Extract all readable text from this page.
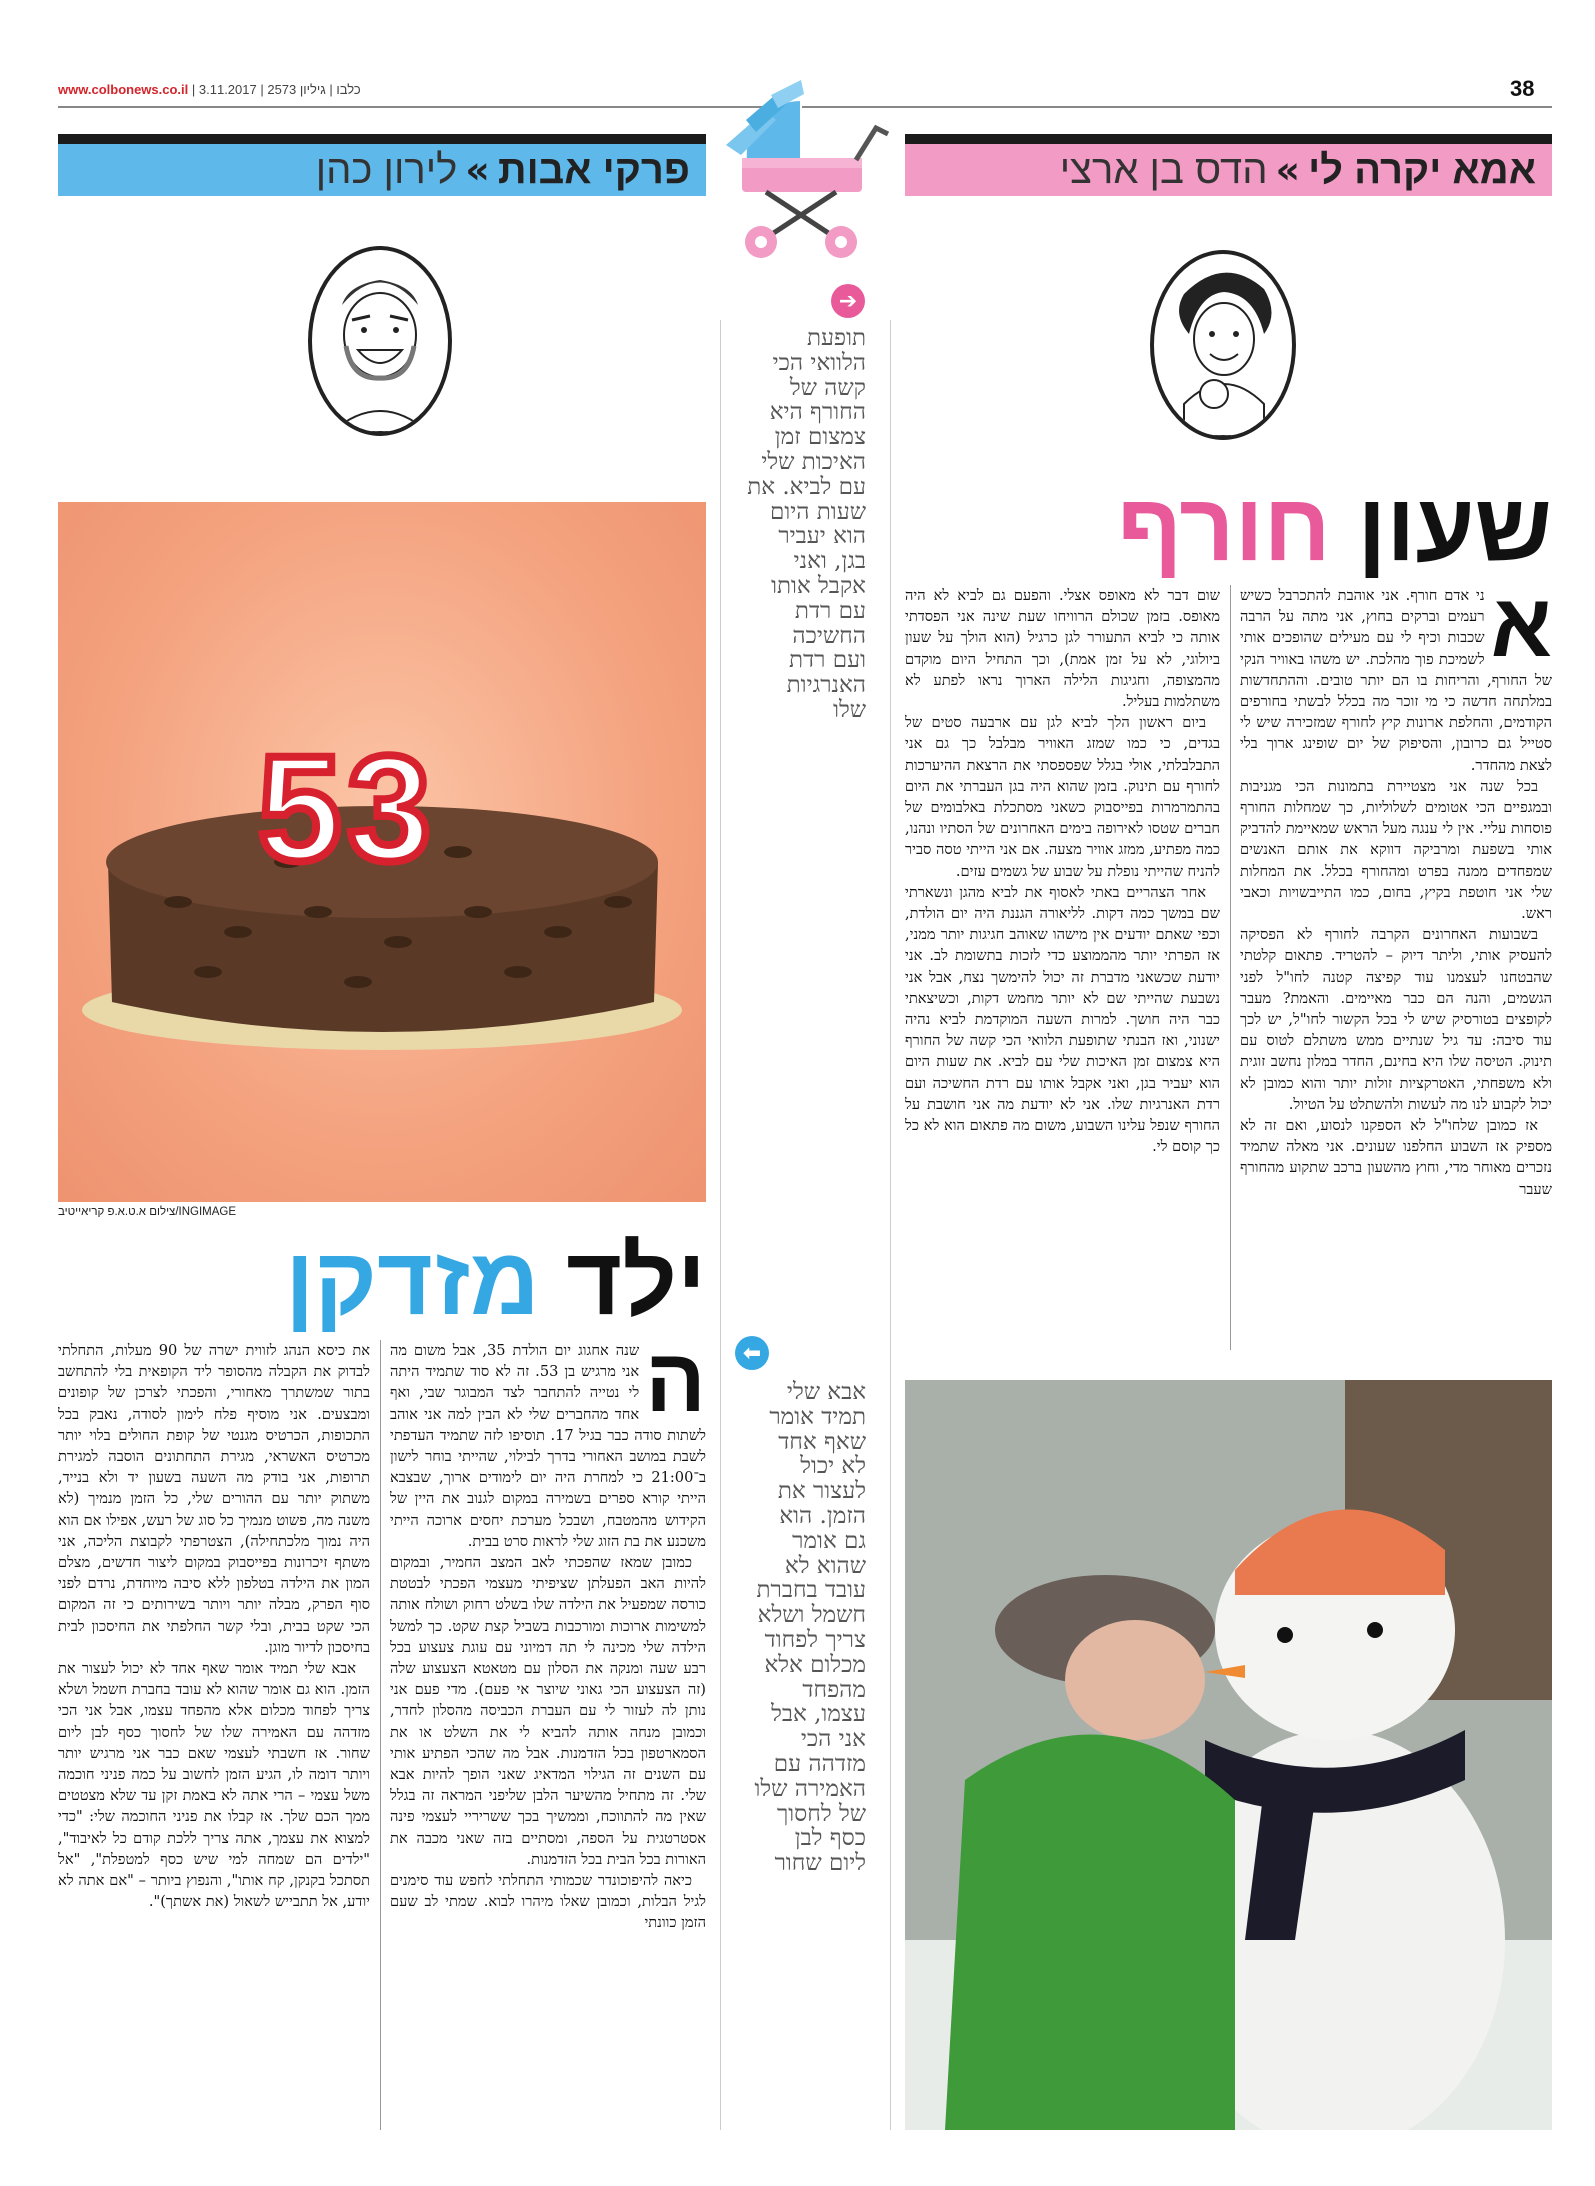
www.colbonews.co.il | כלבו | גיליון 2573 | 3.11.2017	38
אמא יקרה לי
»
הדס בן ארצי
פרקי אבות
»
לירון כהן
שעון חורף
א

ני אדם חורף. אני אוהבת להתכרבל כשיש רעמים וברקים בחוץ, אני מתה על הרבה שכבות וכיף לי עם מעילים שהופכים אותי לשמיכת פוך מהלכת. יש משהו באוויר הנקי של החורף, והריחות בו הם יותר טובים. וההתחדשות במלתחה חדשה כי מי זוכר מה בכלל לבשתי בחורפים הקודמים, והחלפת ארונות קיץ לחורף שמזכירה שיש לי סטייל גם כרובון, והסיפוק של יום שופינג ארוך בלי לצאת מהחדר.

בכל שנה אני מצטיירת בתמונות הכי מגניבות ובמגפיים הכי אטומים לשלוליות, כך שמחלות החורף פוסחות עליי. אין לי ענגה מעל הראש שמאיימת להדביק אותי בשפעת ומרביקה דווקא את אותם האנשים שמפחדים ממנה בפרט ומהחורף בכלל. את המחלות שלי אני חוטפת בקיץ, בחום, כמו התייבשויות וכאבי ראש.

בשבועות האחרונים הקרבה לחורף לא הפסיקה להעסיק אותי, וליתר דיוק – להטריד. פתאום קלטתי שהבטחנו לעצמנו עוד קפיצה קטנה לחו"ל לפני הגשמים, והנה הם כבר מאיימים. והאמת? מעבר לקופצים בטורסיק שיש לי בכל הקשור לחו"ל, יש לכך עוד סיבה: עד גיל שנתיים ממש משתלם לטוס עם תינוק. הטיסה שלו היא בחינם, החדר במלון נחשב זוגית ולא משפחתי, האטרקציות זולות יותר והוא כמובן לא יכול לקבוע לנו מה לעשות ולהשתלט על הטיול.

אז כמובן שלחו"ל לא הספקנו לנסוע, ואם זה לא מספיק אז השבוע החלפנו שעונים. אני מאלה שתמיד נזכרים מאוחר מדי, וחוץ מהשעון ברכב שתקוע מהחורף שעבר

שום דבר לא מאופס אצלי. והפעם גם לביא לא היה מאופס. בזמן שכולם הרוויחו שעת שינה אני הפסדתי אותה כי לביא התעורר לגן כרגיל (הוא הולך על שעון ביולוגי, לא על זמן אמת), וכך התחיל היום מוקדם מהמצופה, וחגיגות הלילה הארוך נראו לפתע לא משתלמות בעליל.

ביום ראשון הלך לביא לגן עם ארבעה סטים של בגדים, כי כמו שמזג האוויר מבלבל כך גם אני התבלבלתי, אולי בגלל שפספסתי את הרצאת ההיערכות לחורף עם תינוק. בזמן שהוא היה בגן העברתי את היום בהתמרמרות בפייסבוק כשאני מסתכלת באלבומים של חברים שטסו לאירופה בימים האחרונים של הסתיו ונהנו, כמה מפתיע, ממזג אוויר מצעה. אם אני הייתי טסה סביר להניח שהייתי נופלת על שבוע של גשמים עזים.

אחר הצהריים באתי לאסוף את לביא מהגן ונשארתי שם במשך כמה דקות. לליאורה הגננת היה יום הולדת, וכפי שאתם יודעים אין מישהו שאוהב חגיגות יותר ממני, אז הפרתי יותר מהממוצע כדי לזכות בתשומת לב. אני יודעת שכשאני מדברת זה יכול להימשך נצח, אבל אני נשבעת שהייתי שם לא יותר מחמש דקות, וכשיצאתי כבר היה חושך. למרות השעה המוקדמת לביא נהיה ישנוני, ואז הבנתי שתופעת הלוואי הכי קשה של החורף היא צמצום זמן האיכות שלי עם לביא. את שעות היום הוא יעביר בגן, ואני אקבל אותו עם רדת החשיכה ועם רדת האנרגיות שלו. אני לא יודעת מה אני חושבת על החורף שנפל עלינו השבוע, משום מה פתאום הוא לא כל כך קוסם לי.

➔
תופעת
הלוואי הכי
קשה של
החורף היא
צמצום זמן
האיכות שלי
עם לביא. את
שעות היום
הוא יעביר
בגן, ואני
אקבל אותו
עם רדת
החשיכה
ועם רדת
האנרגיות
שלו
⬅
אבא שלי
תמיד אומר
שאף אחד
לא יכול
לעצור את
הזמן. הוא
גם אומר
שהוא לא
עובד בחברת
חשמל ושלא
צריך לפחוד
מכלום אלא
מהפחד
עצמו, אבל
אני הכי
מזדהה עם
האמירה שלו
של לחסוך
כסף לבן
ליום שחור
53
צילום א.ט.א.פ קריאייטיב/INGIMAGE
ילד מזדקן
ה

שנה אחגוג יום הולדת 35, אבל משום מה אני מרגיש בן 53. זה לא סוד שתמיד היתה לי נטייה להתחבר לצד המבוגר שבי, ואף אחד מהחברים שלי לא הבין למה אני אוהב לשתות סודה כבר בגיל 17. תוסיפו לזה שתמיד העדפתי לשבת במושב האחורי בדרך לבילוי, שהייתי בוחר לישון ב־21:00 כי למחרת היה יום לימודים ארוך, שבצבא הייתי קורא ספרים בשמירה במקום לגנוב את היין של הקידוש מהמטבח, ושבכל מערכת יחסים ארוכה הייתי משכנע את בת הזוג שלי לראות סרט בבית.

כמובן שמאז שהפכתי לאב המצב החמיר, ובמקום להיות האב הפעלתן שציפיתי מעצמי הפכתי לבטטת כורסה שמפעיל את הילדה שלו בשלט רחוק ושולח אותה למשימות ארוכות ומורכבות בשביל קצת שקט. כך למשל הילדה שלי מכינה לי תה דמיוני עם עוגת צעצוע בכל רבע שעה ומנקה את הסלון עם מטאטא הצעצוע שלה (זה הצעצוע הכי גאוני שיוצר אי פעם). מדי פעם אני נותן לה לעזור לי עם העברת הכביסה מהסלון לחדר, וכמובן מנחה אותה להביא לי את השלט או את הסמארטפון בכל הזדמנות. אבל מה שהכי הפתיע אותי עם השנים זה הגילוי המדאיג שאני הופך להיות אבא שלי. זה מתחיל מהשיער הלבן שליפני המראה זה בגלל שאין מה להתווכח, וממשיך בכך ששריריי לעצמי פינה אסטרטגית על הספה, ומסתיים בזה שאני מכבה את האורות בכל הבית בכל הזדמנות.

כיאה להיפוכונדר שכמותי התחלתי לחפש עוד סימנים לגיל הבלות, וכמובן שאלו מיהרו לבוא. שמתי לב שעם הזמן כוונתי

את כיסא הנהג לזווית ישרה של 90 מעלות, התחלתי לבדוק את הקבלה מהסופר ליד הקופאית בלי להתחשב בתור שמשתרך מאחורי, והפכתי לצרכן של קופונים ומבצעים. אני מוסיף פלח לימון לסודה, נאבק בכל התכופות, הכרטיס מגנטי של קופת החולים בלוי יותר מכרטיס האשראי, מגירת התחתונים הוסבה למגירת תרופות, אני בודק מה השעה בשעון יד ולא בנייד, משתוק יותר עם ההורים שלי, כל הזמן מנמיך (לא משנה מה, פשוט מנמיך כל סוג של רעש, אפילו אם הוא היה נמוך מלכתחילה), הצטרפתי לקבוצת הליכה, אני משתף זיכרונות בפייסבוק במקום ליצור חדשים, מצלם המון את הילדה בטלפון ללא סיבה מיוחדת, נרדם לפני סוף הפרק, מבלה יותר ויותר בשירותים כי זה המקום הכי שקט בבית, ובלי קשר החלפתי את החיסכון לבית בחיסכון לדיור מוגן.

אבא שלי תמיד אומר שאף אחד לא יכול לעצור את הזמן. הוא גם אומר שהוא לא עובד בחברת חשמל ושלא צריך לפחוד מכלום אלא מהפחד עצמו, אבל אני הכי מזדהה עם האמירה שלו של לחסוך כסף לבן ליום שחור. אז חשבתי לעצמי שאם כבר אני מרגיש יותר ויותר דומה לו, הגיע הזמן לחשוב על כמה פניני חוכמה משל עצמי – הרי אתה לא באמת זקן עד שלא מצטטים ממך הכם שלך. אז קבלו את פניני החוכמה שלי: "כדי למצוא את עצמך, אתה צריך ללכת קודם כל לאיבוד", "ילדים הם שמחה למי שיש כסף למטפלת", "אל תסתכל בקנקן, קח אותו", והנפוץ ביותר – "אם אתה לא יודע, אל תתבייש לשאול (את אשתך)".
